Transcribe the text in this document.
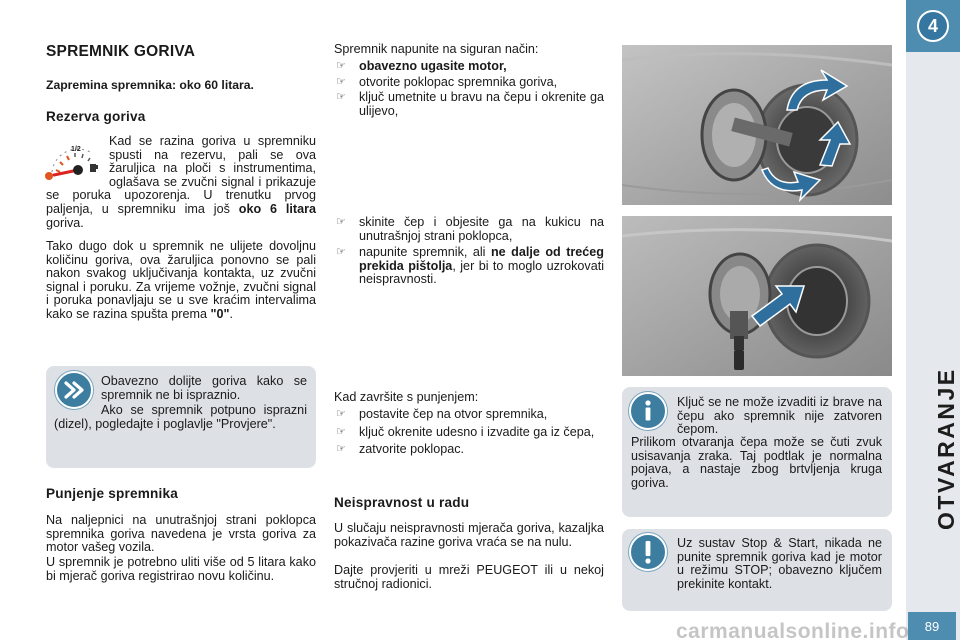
4
OTVARANJE
89
SPREMNIK GORIVA
Zapremina spremnika: oko 60 litara.
Rezerva goriva
1/2
Kad se razina goriva u spremniku spusti na rezervu, pali se ova žaruljica na ploči s instrumentima, oglašava se zvučni signal i prikazuje se poruka upozorenja. U trenutku prvog paljenja, u spremniku ima još oko 6 litara goriva.
Tako dugo dok u spremnik ne ulijete dovoljnu količinu goriva, ova žaruljica ponovno se pali nakon svakog uključivanja kontakta, uz zvučni signal i poruku. Za vrijeme vožnje, zvučni signal i poruka ponavljaju se u sve kraćim intervalima kako se razina spušta prema "0".
Obavezno dolijte goriva kako se spremnik ne bi ispraznio.
Ako se spremnik potpuno isprazni (dizel), pogledajte i poglavlje "Provjere".
Punjenje spremnika
Na naljepnici na unutrašnjoj strani poklopca spremnika goriva navedena je vrsta goriva za motor vašeg vozila.
U spremnik je potrebno uliti više od 5 litara kako bi mjerač goriva registrirao novu količinu.
Spremnik napunite na siguran način:
☞ obavezno ugasite motor,
☞ otvorite poklopac spremnika goriva,
☞ ključ umetnite u bravu na čepu i okrenite ga ulijevo,
☞ skinite čep i objesite ga na kukicu na unutrašnjoj strani poklopca,
☞ napunite spremnik, ali ne dalje od trećeg prekida pištolja, jer bi to moglo uzrokovati neispravnosti.
Kad završite s punjenjem:
☞ postavite čep na otvor spremnika,
☞ ključ okrenite udesno i izvadite ga iz čepa,
☞ zatvorite poklopac.
Neispravnost u radu
U slučaju neispravnosti mjerača goriva, kazaljka pokazivača razine goriva vraća se na nulu.
Dajte provjeriti u mreži PEUGEOT ili u nekoj stručnoj radionici.
Ključ se ne može izvaditi iz brave na čepu ako spremnik nije zatvoren čepom.
Prilikom otvaranja čepa može se čuti zvuk usisavanja zraka. Taj podtlak je normalna pojava, a nastaje zbog brtvljenja kruga goriva.
Uz sustav Stop & Start, nikada ne punite spremnik goriva kad je motor u režimu STOP; obavezno ključem prekinite kontakt.
carmanualsonline.info
